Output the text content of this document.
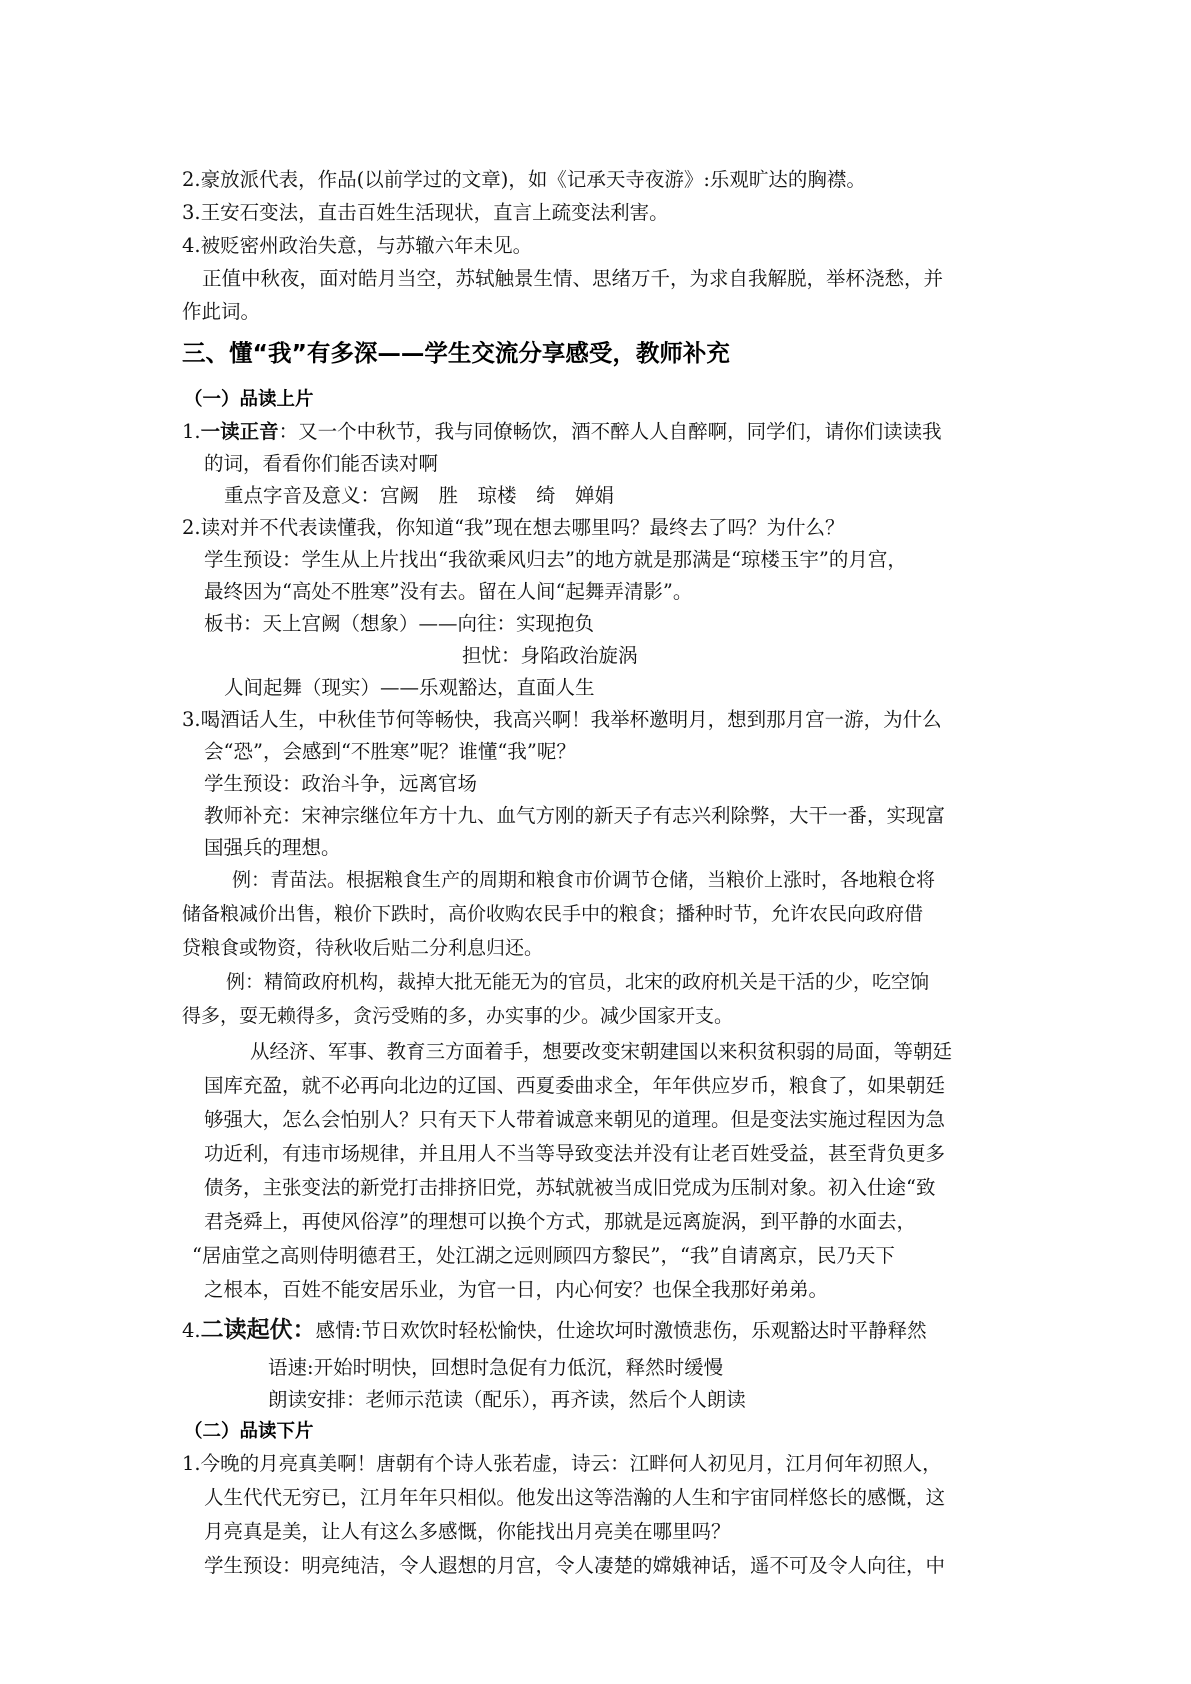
2.豪放派代表，作品(以前学过的文章)，如《记承天寺夜游》:乐观旷达的胸襟。
3.王安石变法，直击百姓生活现状，直言上疏变法利害。
4.被贬密州政治失意，与苏辙六年未见。
正值中秋夜，面对皓月当空，苏轼触景生情、思绪万千，为求自我解脱，举杯浇愁，并
作此词。
三、懂“我”有多深——学生交流分享感受，教师补充
（一）品读上片
1.一读正音：又一个中秋节，我与同僚畅饮，酒不醉人人自醉啊，同学们，请你们读读我
的词，看看你们能否读对啊
重点字音及意义：宫阙　胜　琼楼　绮　婵娟
2.读对并不代表读懂我，你知道“我”现在想去哪里吗？最终去了吗？为什么？
学生预设：学生从上片找出“我欲乘风归去”的地方就是那满是“琼楼玉宇”的月宫，
最终因为“高处不胜寒”没有去。留在人间“起舞弄清影”。
板书：天上宫阙（想象）——向往：实现抱负
担忧：身陷政治旋涡
人间起舞（现实）——乐观豁达，直面人生
3.喝酒话人生，中秋佳节何等畅快，我高兴啊！我举杯邀明月，想到那月宫一游，为什么
会“恐”，会感到“不胜寒”呢？谁懂“我”呢？
学生预设：政治斗争，远离官场
教师补充：宋神宗继位年方十九、血气方刚的新天子有志兴利除弊，大干一番，实现富
国强兵的理想。
例：青苗法。根据粮食生产的周期和粮食市价调节仓储，当粮价上涨时，各地粮仓将
储备粮减价出售，粮价下跌时，高价收购农民手中的粮食；播种时节，允许农民向政府借
贷粮食或物资，待秋收后贴二分利息归还。
例：精简政府机构，裁掉大批无能无为的官员，北宋的政府机关是干活的少，吃空饷
得多，耍无赖得多，贪污受贿的多，办实事的少。减少国家开支。
从经济、军事、教育三方面着手，想要改变宋朝建国以来积贫积弱的局面，等朝廷
国库充盈，就不必再向北边的辽国、西夏委曲求全，年年供应岁币，粮食了，如果朝廷
够强大，怎么会怕别人？只有天下人带着诚意来朝见的道理。但是变法实施过程因为急
功近利，有违市场规律，并且用人不当等导致变法并没有让老百姓受益，甚至背负更多
债务，主张变法的新党打击排挤旧党，苏轼就被当成旧党成为压制对象。初入仕途“致
君尧舜上，再使风俗淳”的理想可以换个方式，那就是远离旋涡，到平静的水面去，
“居庙堂之高则侍明德君王，处江湖之远则顾四方黎民”，“我”自请离京，民乃天下
之根本，百姓不能安居乐业，为官一日，内心何安？也保全我那好弟弟。
4.二读起伏：感情:节日欢饮时轻松愉快，仕途坎坷时激愤悲伤，乐观豁达时平静释然
语速:开始时明快，回想时急促有力低沉，释然时缓慢
朗读安排：老师示范读（配乐），再齐读，然后个人朗读
（二）品读下片
1.今晚的月亮真美啊！唐朝有个诗人张若虚，诗云：江畔何人初见月，江月何年初照人，
人生代代无穷已，江月年年只相似。他发出这等浩瀚的人生和宇宙同样悠长的感慨，这
月亮真是美，让人有这么多感慨，你能找出月亮美在哪里吗？
学生预设：明亮纯洁，令人遐想的月宫，令人凄楚的嫦娥神话，遥不可及令人向往，中
